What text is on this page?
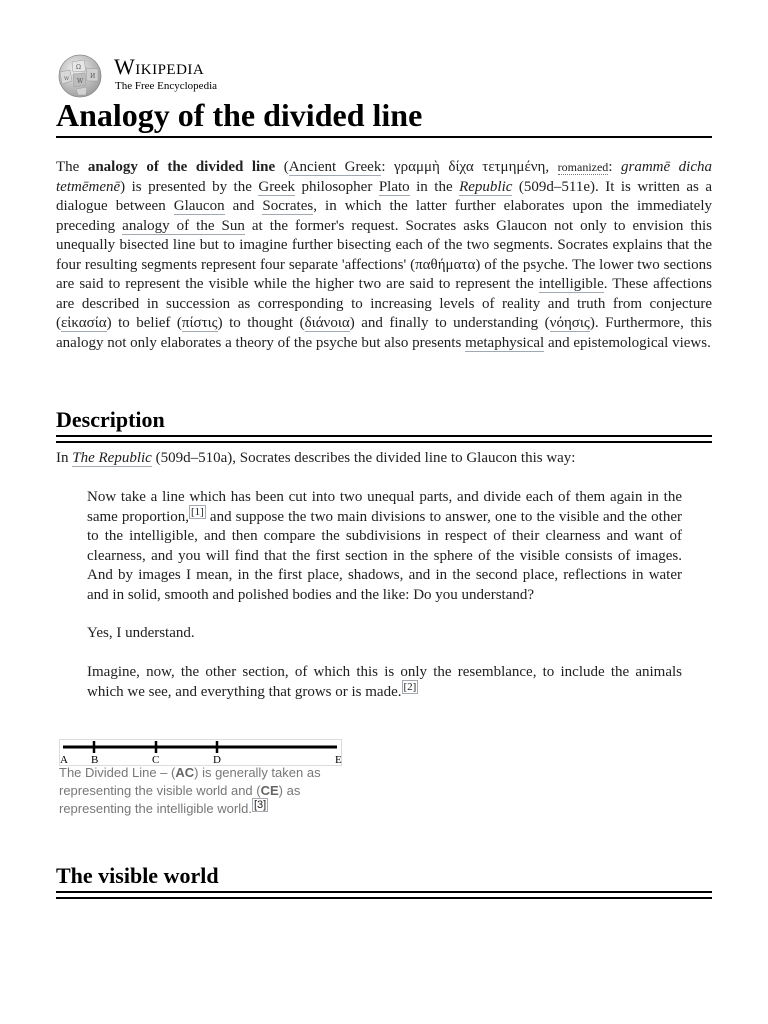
Ω
И
W
W Wikipedia
The Free Encyclopedia
Analogy of the divided line

The analogy of the divided line (Ancient Greek: γραμμὴ δίχα τετμημένη, romanized: grammē dicha tetmēmenē) is presented by the Greek philosopher Plato in the Republic (509d–511e). It is written as a dialogue between Glaucon and Socrates, in which the latter further elaborates upon the immediately preceding analogy of the Sun at the former's request. Socrates asks Glaucon not only to envision this unequally bisected line but to imagine further bisecting each of the two segments. Socrates explains that the four resulting segments represent four separate 'affections' (παθήματα) of the psyche. The lower two sections are said to represent the visible while the higher two are said to represent the intelligible. These affections are described in succession as corresponding to increasing levels of reality and truth from conjecture (εἰκασία) to belief (πίστις) to thought (διάνοια) and finally to understanding (νόησις). Furthermore, this analogy not only elaborates a theory of the psyche but also presents metaphysical and epistemological views.

Description

In The Republic (509d–510a), Socrates describes the divided line to Glaucon this way:

Now take a line which has been cut into two unequal parts, and divide each of them again in the same proportion, [1] and suppose the two main divisions to answer, one to the visible and the other to the intelligible, and then compare the subdivisions in respect of their clearness and want of clearness, and you will find that the first section in the sphere of the visible consists of images. And by images I mean, in the first place, shadows, and in the second place, reflections in water and in solid, smooth and polished bodies and the like: Do you understand?

Yes, I understand.

Imagine, now, the other section, of which this is only the resemblance, to include the animals which we see, and everything that grows or is made. [2]

A B	C	D	E

The Divided Line – (AC) is generally taken as representing the visible world and (CE) as representing the intelligible world. [3]

The visible world
